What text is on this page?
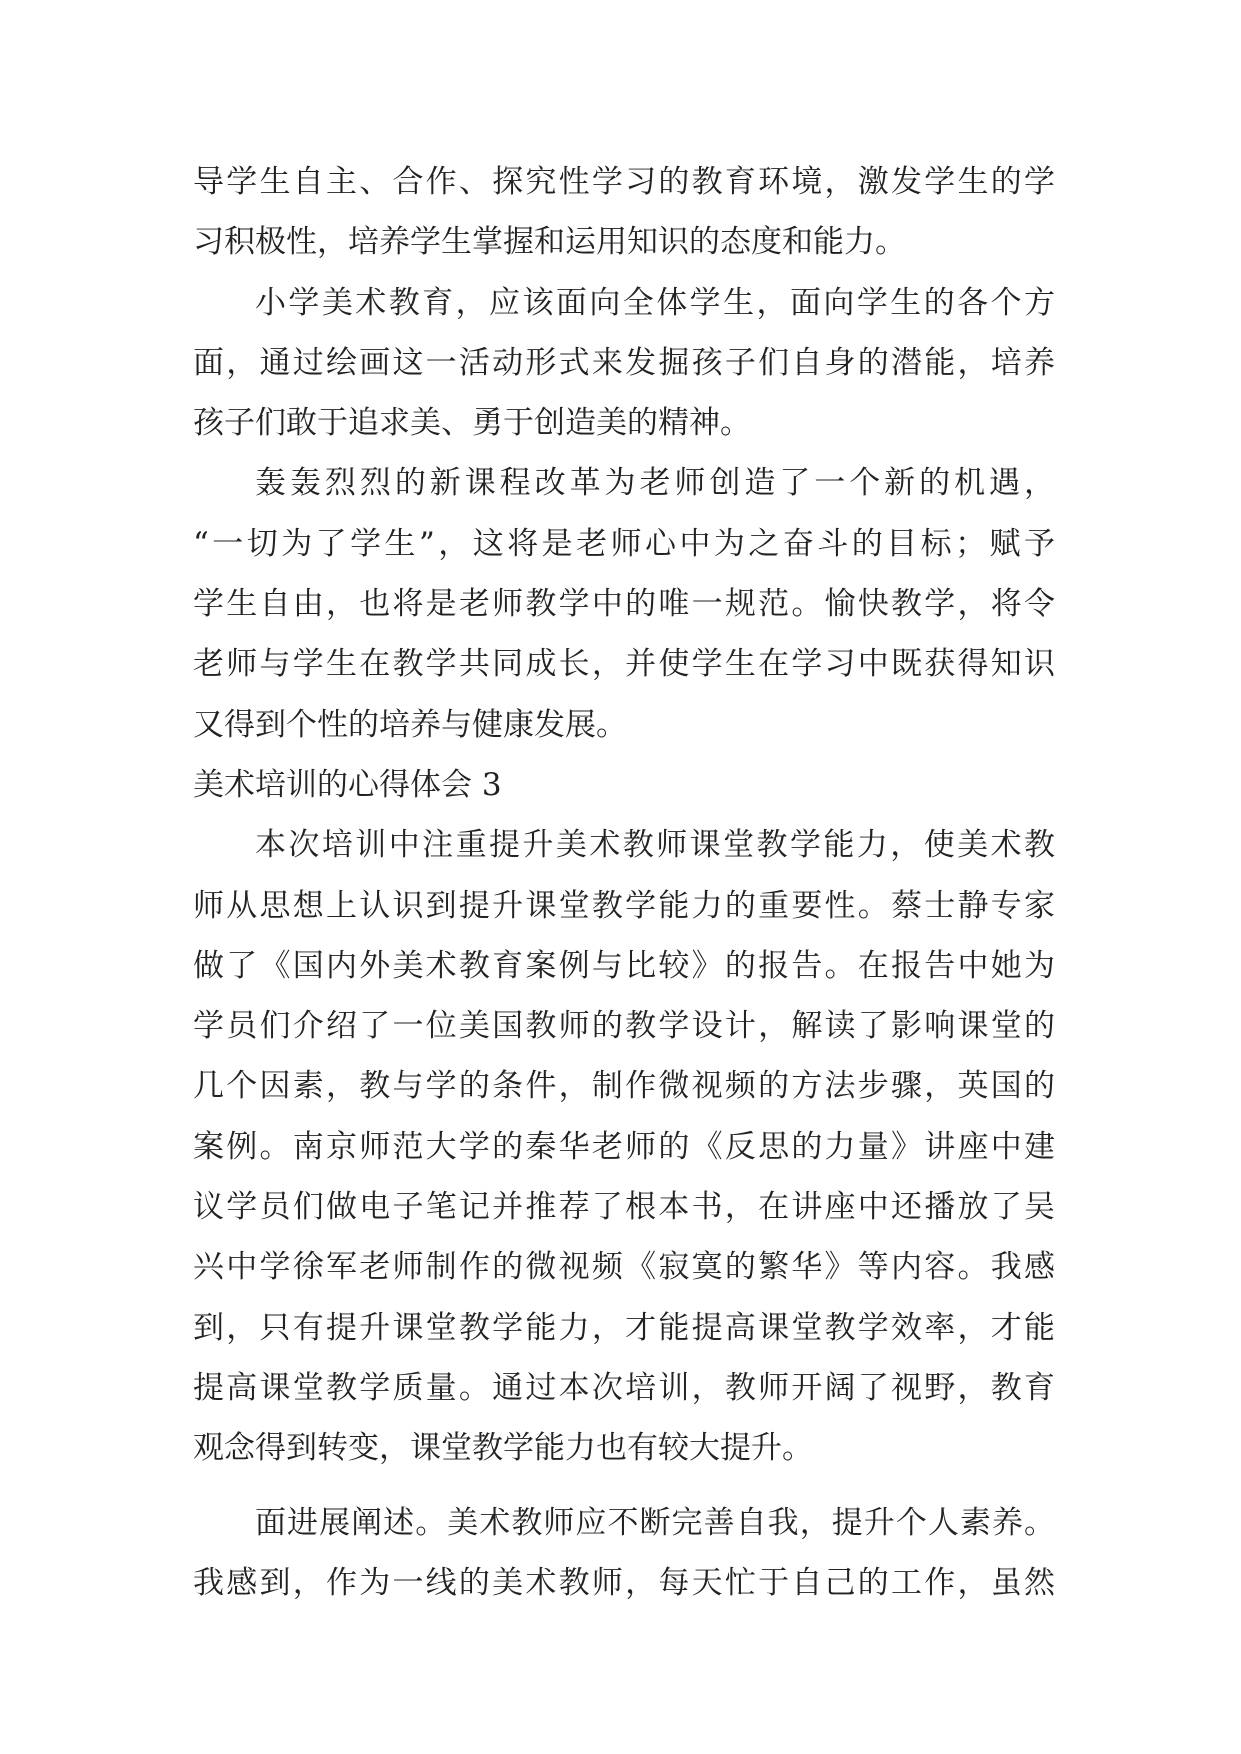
导学生自主、合作、探究性学习的教育环境，激发学生的学
习积极性，培养学生掌握和运用知识的态度和能力。
小学美术教育，应该面向全体学生，面向学生的各个方
面，通过绘画这一活动形式来发掘孩子们自身的潜能，培养
孩子们敢于追求美、勇于创造美的精神。
轰轰烈烈的新课程改革为老师创造了一个新的机遇，
“一切为了学生”，这将是老师心中为之奋斗的目标；赋予
学生自由，也将是老师教学中的唯一规范。愉快教学，将令
老师与学生在教学共同成长，并使学生在学习中既获得知识
又得到个性的培养与健康发展。
美术培训的心得体会 3
本次培训中注重提升美术教师课堂教学能力，使美术教
师从思想上认识到提升课堂教学能力的重要性。蔡士静专家
做了《国内外美术教育案例与比较》的报告。在报告中她为
学员们介绍了一位美国教师的教学设计，解读了影响课堂的
几个因素，教与学的条件，制作微视频的方法步骤，英国的
案例。南京师范大学的秦华老师的《反思的力量》讲座中建
议学员们做电子笔记并推荐了根本书，在讲座中还播放了吴
兴中学徐军老师制作的微视频《寂寞的繁华》等内容。我感
到，只有提升课堂教学能力，才能提高课堂教学效率，才能
提高课堂教学质量。通过本次培训，教师开阔了视野，教育
观念得到转变，课堂教学能力也有较大提升。
面进展阐述。美术教师应不断完善自我，提升个人素养。
我感到，作为一线的美术教师，每天忙于自己的工作，虽然
